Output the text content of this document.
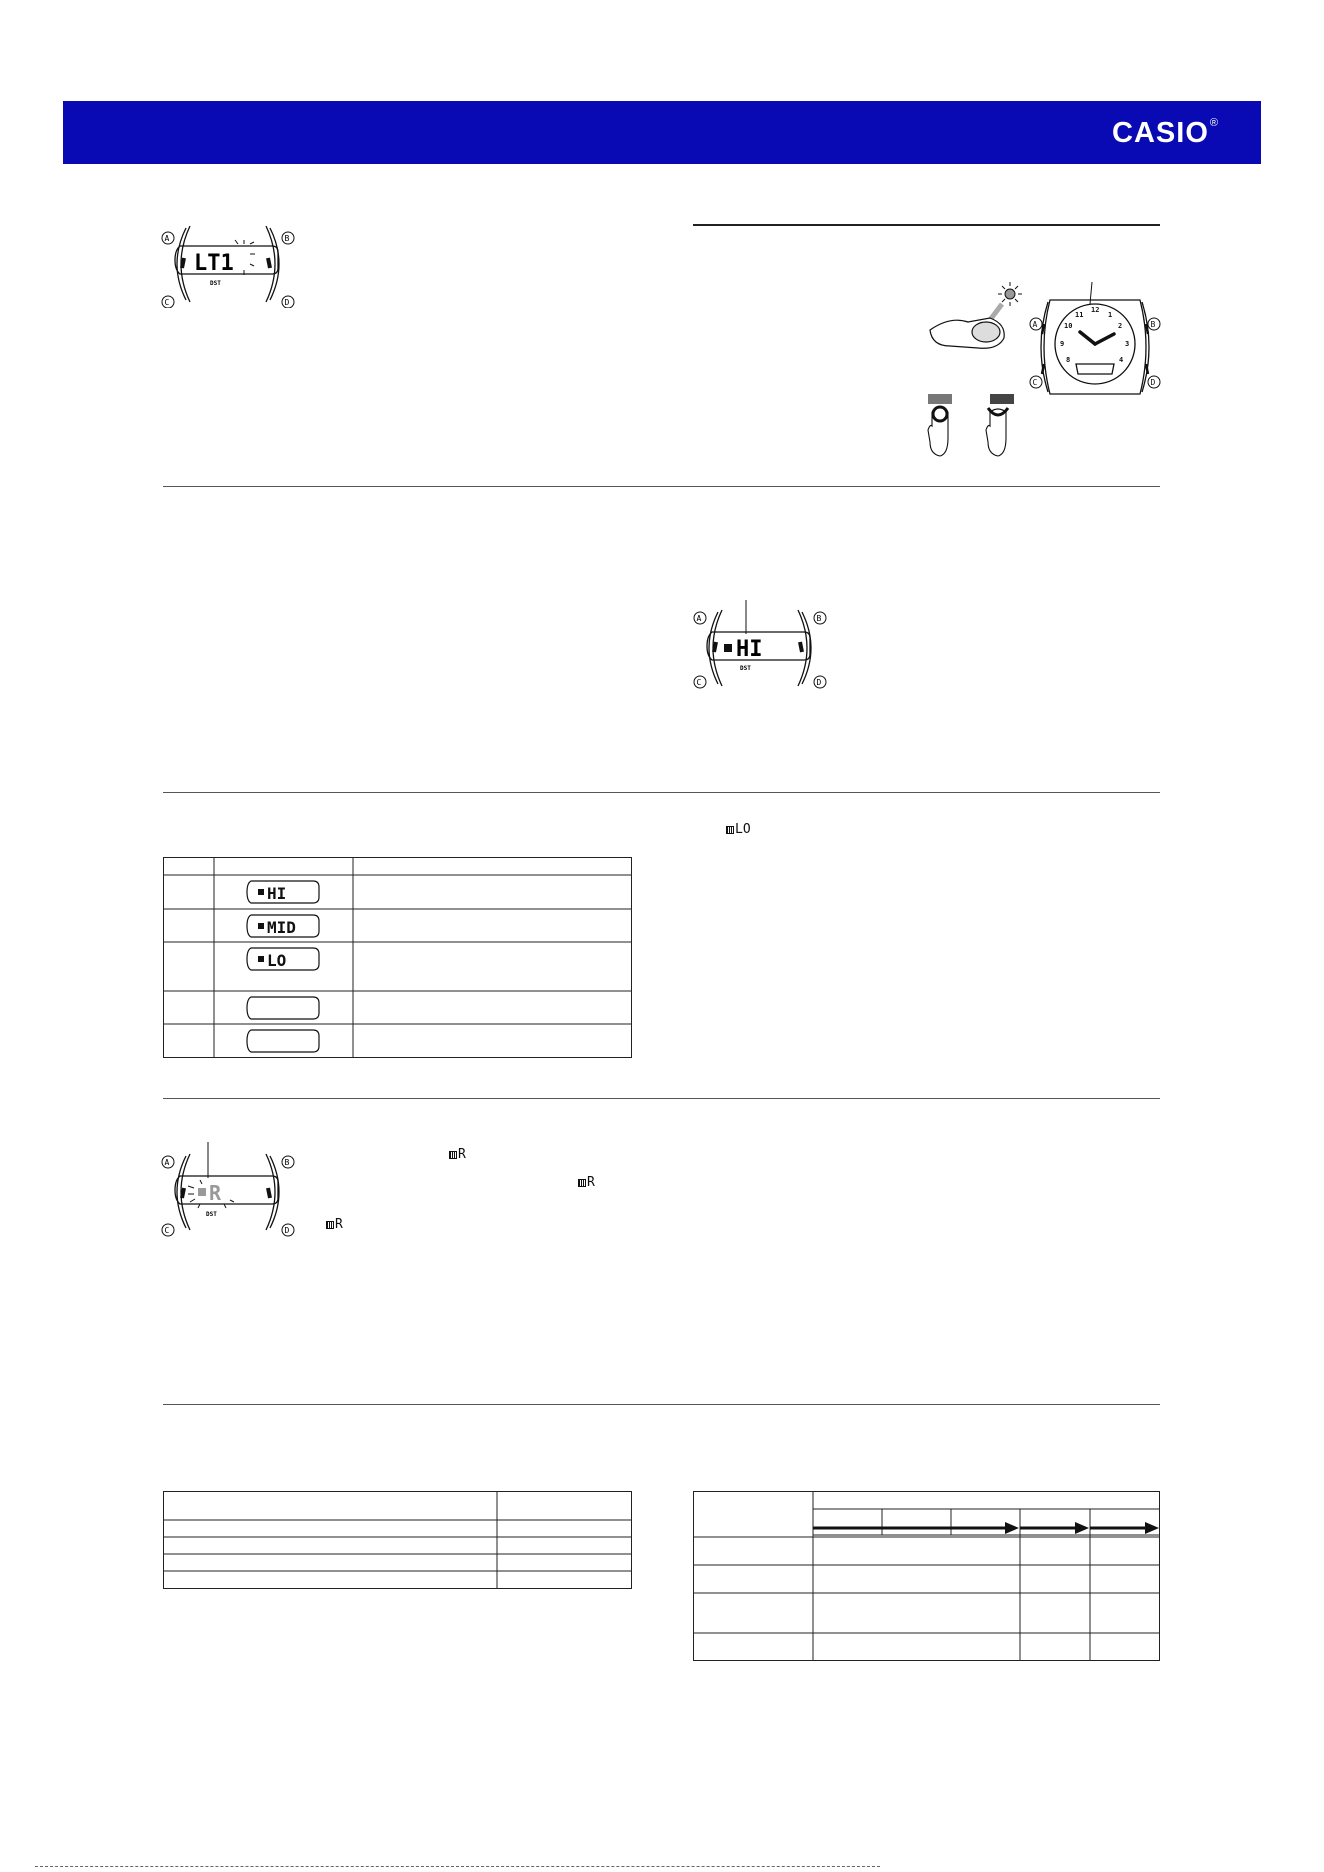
CASIO®
LT1
DST
A	B
C	D
12
1
2
3
4
8
9
10
11
A	B
C	D
HI
DST
A	B
C	D
LO
HI
MID
LO
R
DST
A	B
C	D
R
R
R
